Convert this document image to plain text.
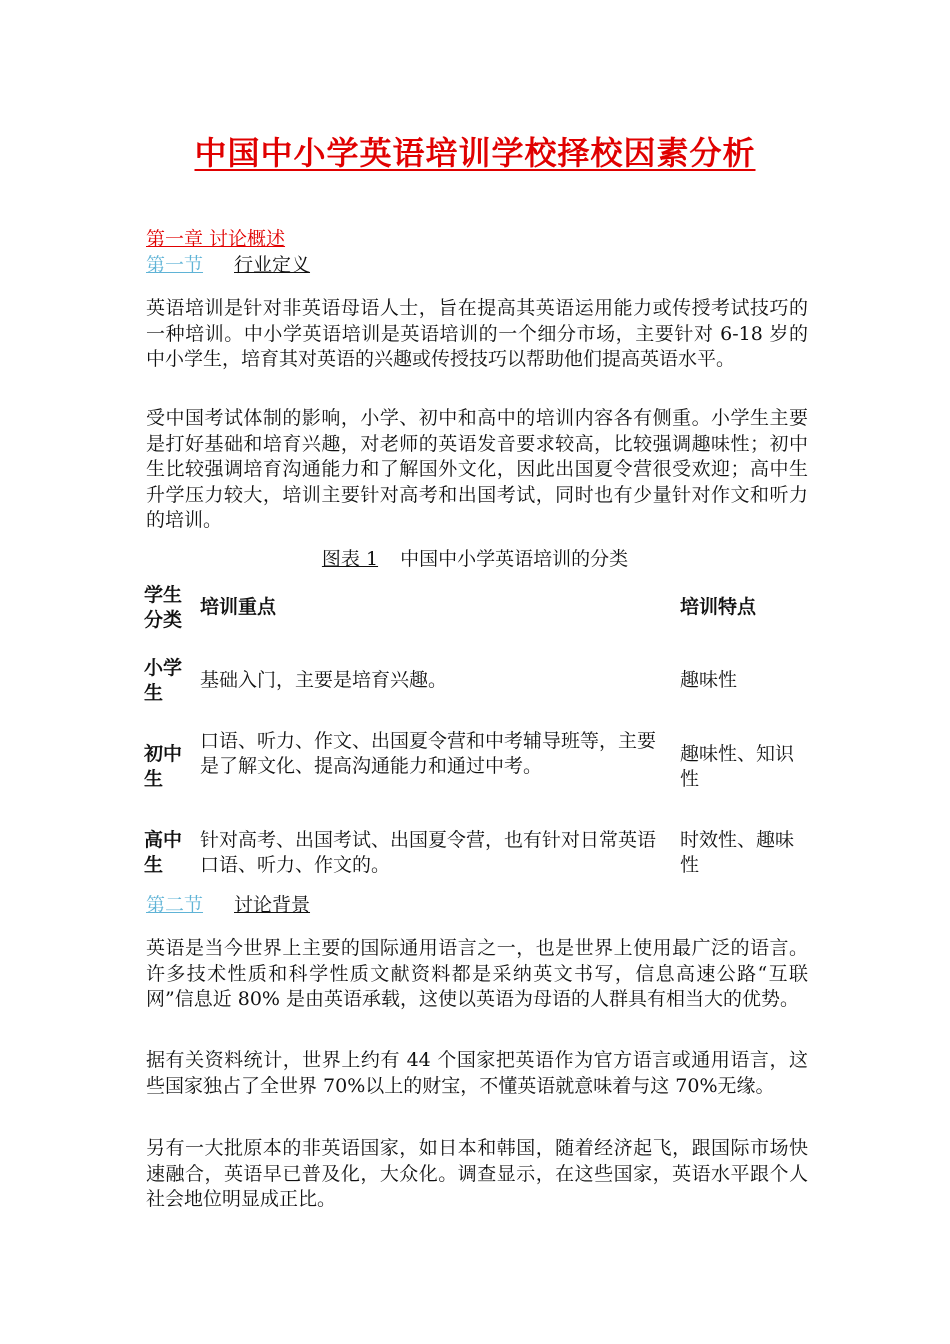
中国中小学英语培训学校择校因素分析
第一章 讨论概述
第一节 行业定义

英语培训是针对非英语母语人士，旨在提高其英语运用能力或传授考试技巧的一种培训。中小学英语培训是英语培训的一个细分市场，主要针对 6-18 岁的中小学生，培育其对英语的兴趣或传授技巧以帮助他们提高英语水平。

受中国考试体制的影响，小学、初中和高中的培训内容各有侧重。小学生主要是打好基础和培育兴趣，对老师的英语发音要求较高，比较强调趣味性；初中生比较强调培育沟通能力和了解国外文化，因此出国夏令营很受欢迎；高中生升学压力较大，培训主要针对高考和出国考试，同时也有少量针对作文和听力的培训。

图表 1 中国中小学英语培训的分类
学生分类
培训重点	培训特点
小学生
基础入门，主要是培育兴趣。	趣味性
初中生
口语、听力、作文、出国夏令营和中考辅导班等，主要是了解文化、提高沟通能力和通过中考。
趣味性、知识性
高中生
针对高考、出国考试、出国夏令营，也有针对日常英语口语、听力、作文的。
时效性、趣味性
第二节 讨论背景

英语是当今世界上主要的国际通用语言之一，也是世界上使用最广泛的语言。许多技术性质和科学性质文献资料都是采纳英文书写，信息高速公路“互联网”信息近 80% 是由英语承载，这使以英语为母语的人群具有相当大的优势。

据有关资料统计，世界上约有 44 个国家把英语作为官方语言或通用语言，这些国家独占了全世界 70%以上的财宝，不懂英语就意味着与这 70%无缘。

另有一大批原本的非英语国家，如日本和韩国，随着经济起飞，跟国际市场快速融合，英语早已普及化，大众化。调查显示，在这些国家，英语水平跟个人社会地位明显成正比。
